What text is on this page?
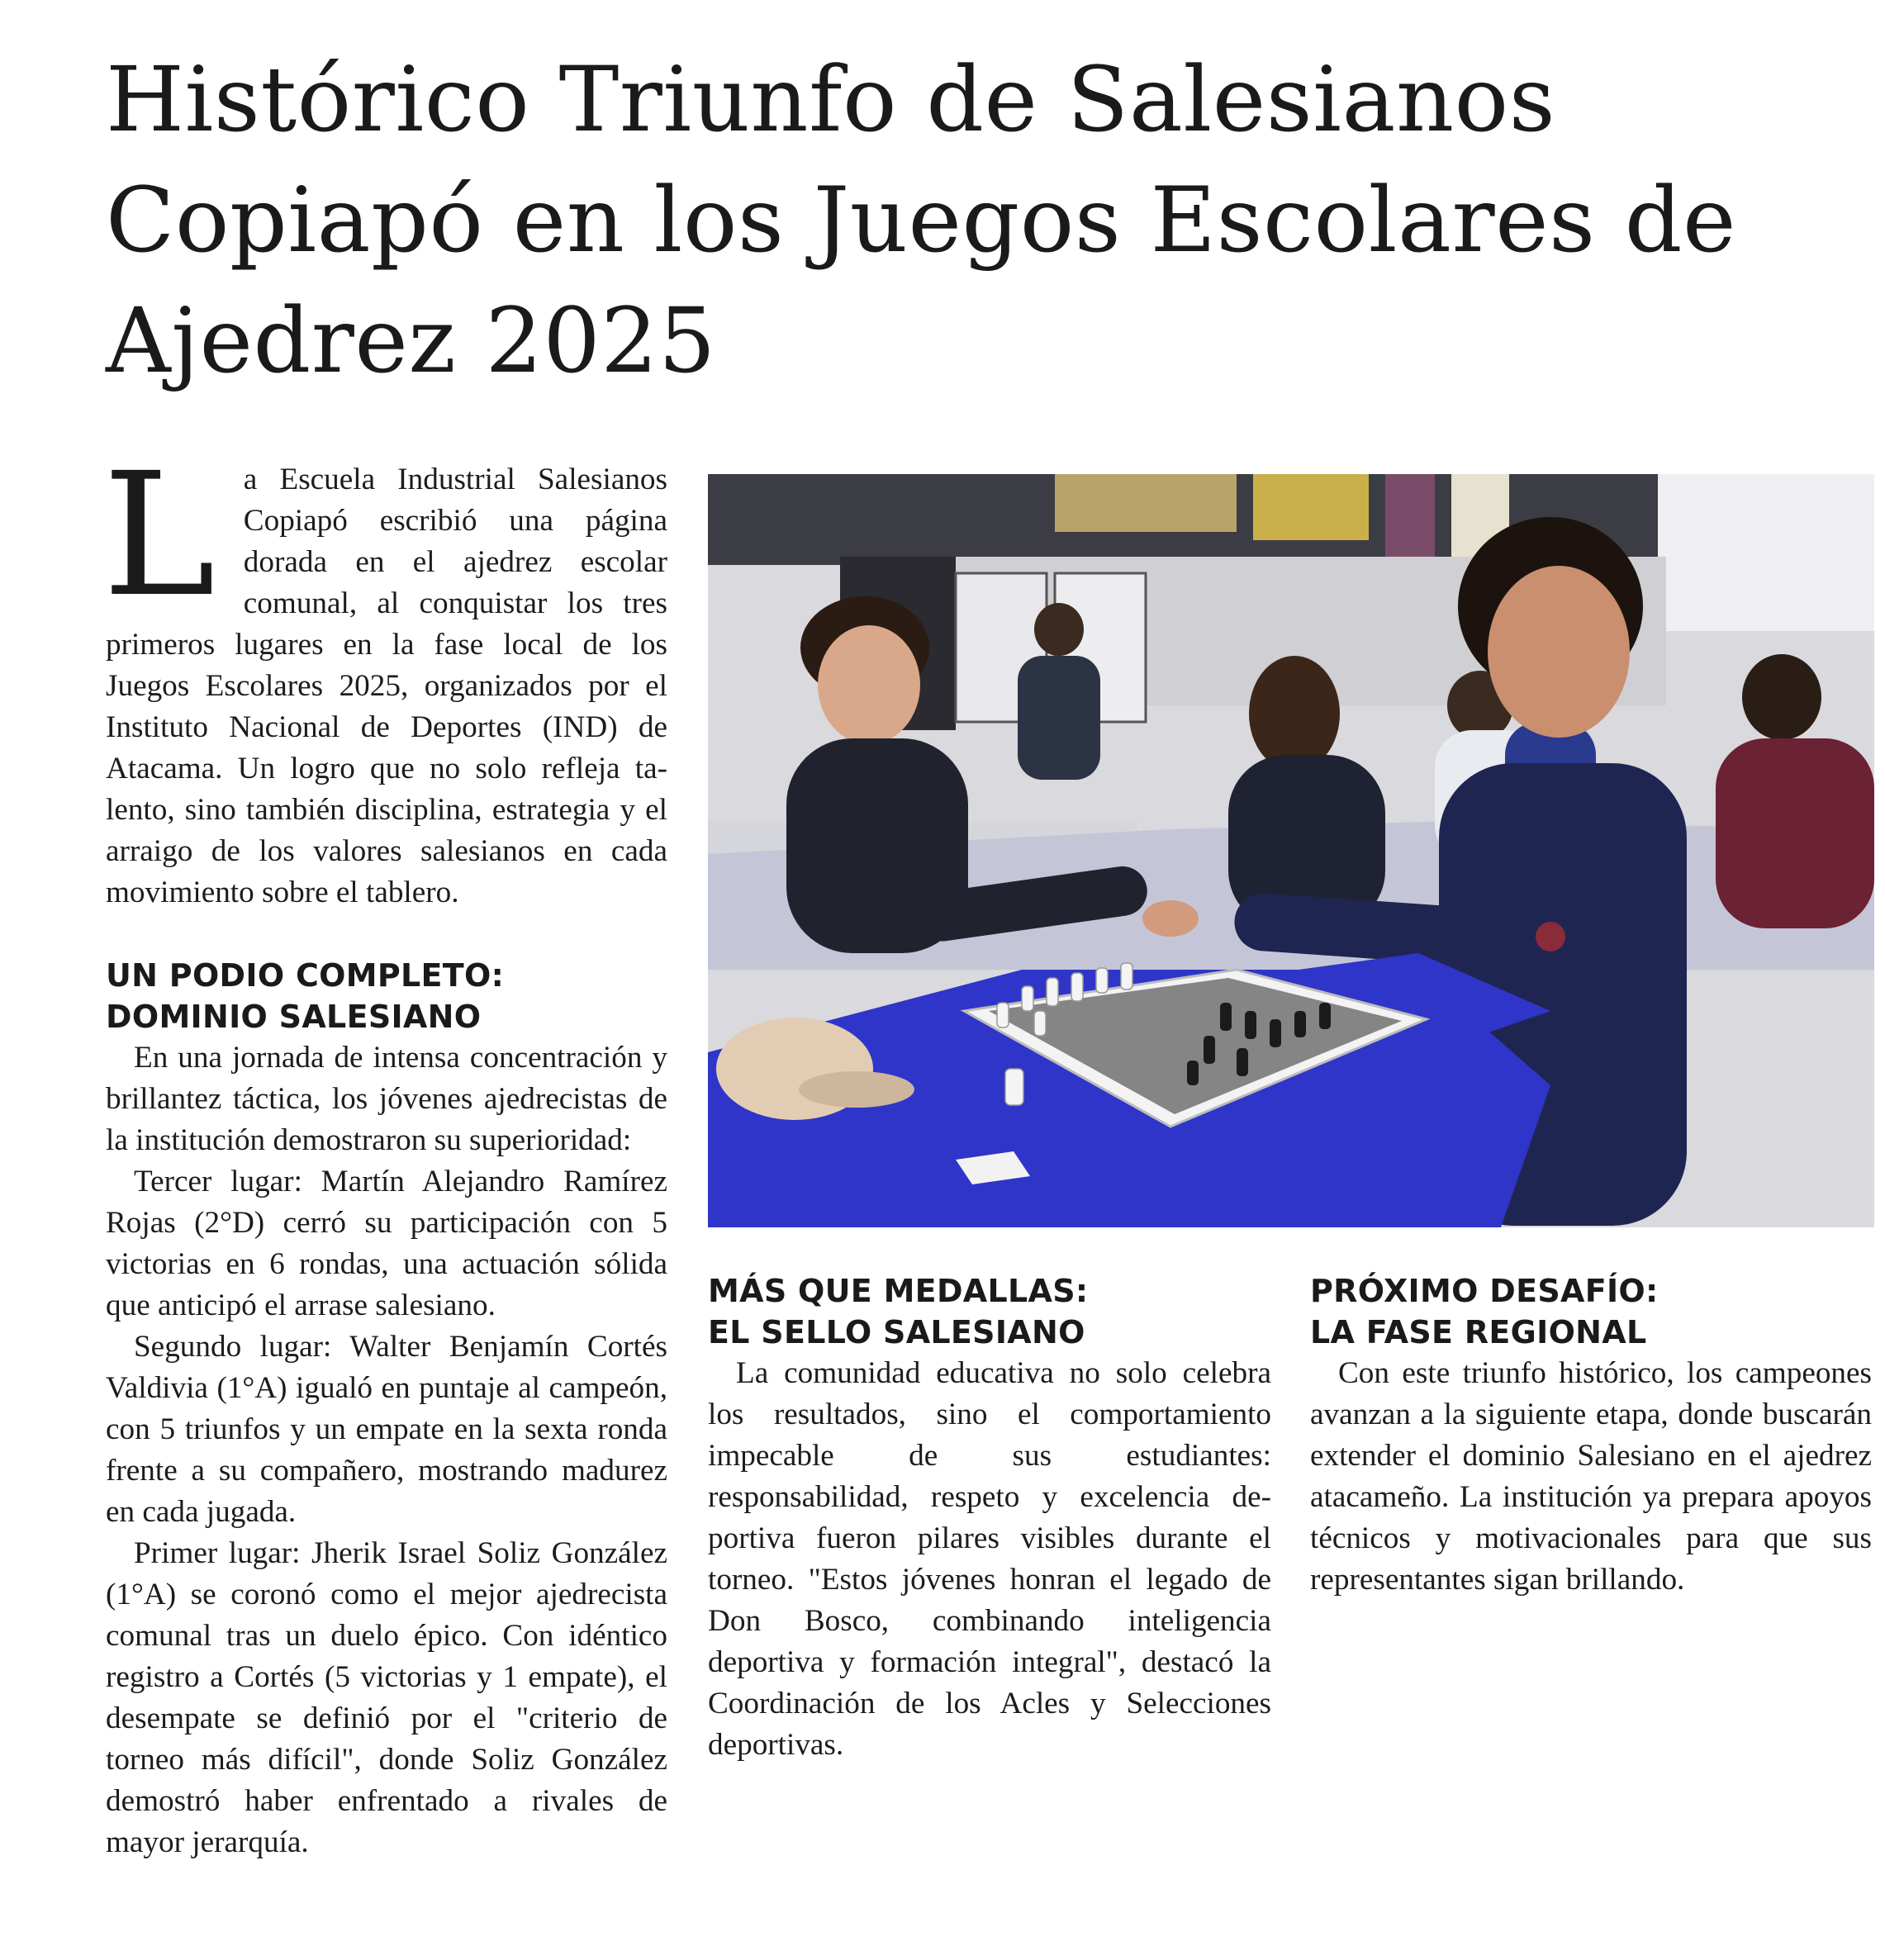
Histórico Triunfo de Salesianos Copiapó en los Juegos Escolares de Ajedrez 2025

La Escuela Industrial Salesianos Copiapó escribió una página dorada en el ajedrez escolar comunal, al conquistar los tres primeros lugares en la fase local de los Juegos Escolares 2025, organizados por el Instituto Nacional de Deportes (IND) de Atacama. Un logro que no solo refleja talento, sino también disciplina, estrategia y el arraigo de los valores salesianos en cada movimiento sobre el tablero.

UN PODIO COMPLETO:
DOMINIO SALESIANO

En una jornada de intensa concentración y brillantez táctica, los jóvenes ajedrecistas de la institución demostraron su superioridad:

Tercer lugar: Martín Alejandro Ramírez Rojas (2°D) cerró su participación con 5 victorias en 6 rondas, una actuación sólida que anticipó el arrase salesiano.

Segundo lugar: Walter Benjamín Cortés Valdivia (1°A) igualó en puntaje al campeón, con 5 triunfos y un empate en la sexta ronda frente a su compañero, mostrando madurez en cada jugada.

Primer lugar: Jherik Israel Soliz González (1°A) se coronó como el mejor ajedrecista comunal tras un duelo épico. Con idéntico registro a Cortés (5 victorias y 1 empate), el desempate se definió por el "criterio de torneo más difícil", donde Soliz González demostró haber enfrentado a rivales de mayor jerarquía.

MÁS QUE MEDALLAS:
EL SELLO SALESIANO

La comunidad educativa no solo celebra los resultados, sino el comportamiento impecable de sus estudiantes: responsabilidad, respeto y excelencia deportiva fueron pilares visibles durante el torneo. "Estos jóvenes honran el legado de Don Bosco, combinando inteligencia deportiva y formación integral", destacó la Coordinación de los Acles y Selecciones deportivas.

PRÓXIMO DESAFÍO:
LA FASE REGIONAL

Con este triunfo histórico, los campeones avanzan a la siguiente etapa, donde buscarán extender el dominio Salesiano en el ajedrez atacameño. La institución ya prepara apoyos técnicos y motivacionales para que sus representantes sigan brillando.
